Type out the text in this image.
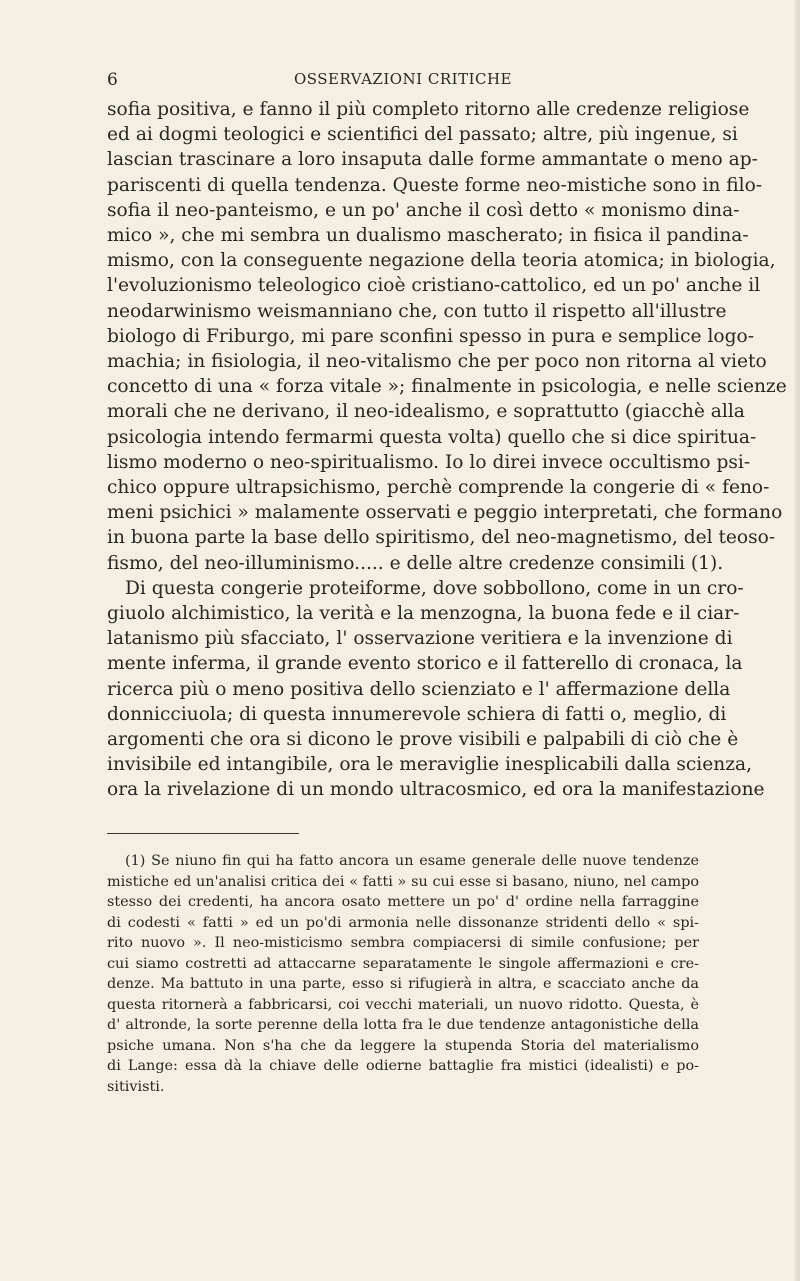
6	OSSERVAZIONI CRITICHE
sofia positiva, e fanno il più completo ritorno alle credenze religiose
ed ai dogmi teologici e scientifici del passato; altre, più ingenue, si
lascian trascinare a loro insaputa dalle forme ammantate o meno ap-
pariscenti di quella tendenza. Queste forme neo-mistiche sono in filo-
sofia il neo-panteismo, e un po' anche il così detto « monismo dina-
mico », che mi sembra un dualismo mascherato; in fisica il pandina-
mismo, con la conseguente negazione della teoria atomica; in biologia,
l'evoluzionismo teleologico cioè cristiano-cattolico, ed un po' anche il
neodarwinismo weismanniano che, con tutto il rispetto all'illustre
biologo di Friburgo, mi pare sconfini spesso in pura e semplice logo-
machia; in fisiologia, il neo-vitalismo che per poco non ritorna al vieto
concetto di una « forza vitale »; finalmente in psicologia, e nelle scienze
morali che ne derivano, il neo-idealismo, e soprattutto (giacchè alla
psicologia intendo fermarmi questa volta) quello che si dice spiritua-
lismo moderno o neo-spiritualismo. Io lo direi invece occultismo psi-
chico oppure ultrapsichismo, perchè comprende la congerie di « feno-
meni psichici » malamente osservati e peggio interpretati, che formano
in buona parte la base dello spiritismo, del neo-magnetismo, del teoso-
fismo, del neo-illuminismo..... e delle altre credenze consimili (1).
Di questa congerie proteiforme, dove sobbollono, come in un cro-
giuolo alchimistico, la verità e la menzogna, la buona fede e il ciar-
latanismo più sfacciato, l' osservazione veritiera e la invenzione di
mente inferma, il grande evento storico e il fatterello di cronaca, la
ricerca più o meno positiva dello scienziato e l' affermazione della
donnicciuola; di questa innumerevole schiera di fatti o, meglio, di
argomenti che ora si dicono le prove visibili e palpabili di ciò che è
invisibile ed intangibile, ora le meraviglie inesplicabili dalla scienza,
ora la rivelazione di un mondo ultracosmico, ed ora la manifestazione
(1) Se niuno fin qui ha fatto ancora un esame generale delle nuove tendenze
mistiche ed un'analisi critica dei « fatti » su cui esse si basano, niuno, nel campo
stesso dei credenti, ha ancora osato mettere un po' d' ordine nella farraggine
di codesti « fatti » ed un po'di armonia nelle dissonanze stridenti dello « spi-
rito nuovo ». Il neo-misticismo sembra compiacersi di simile confusione; per
cui siamo costretti ad attaccarne separatamente le singole affermazioni e cre-
denze. Ma battuto in una parte, esso si rifugierà in altra, e scacciato anche da
questa ritornerà a fabbricarsi, coi vecchi materiali, un nuovo ridotto. Questa, è
d' altronde, la sorte perenne della lotta fra le due tendenze antagonistiche della
psiche umana. Non s'ha che da leggere la stupenda Storia del materialismo
di Lange: essa dà la chiave delle odierne battaglie fra mistici (idealisti) e po-
sitivisti.
